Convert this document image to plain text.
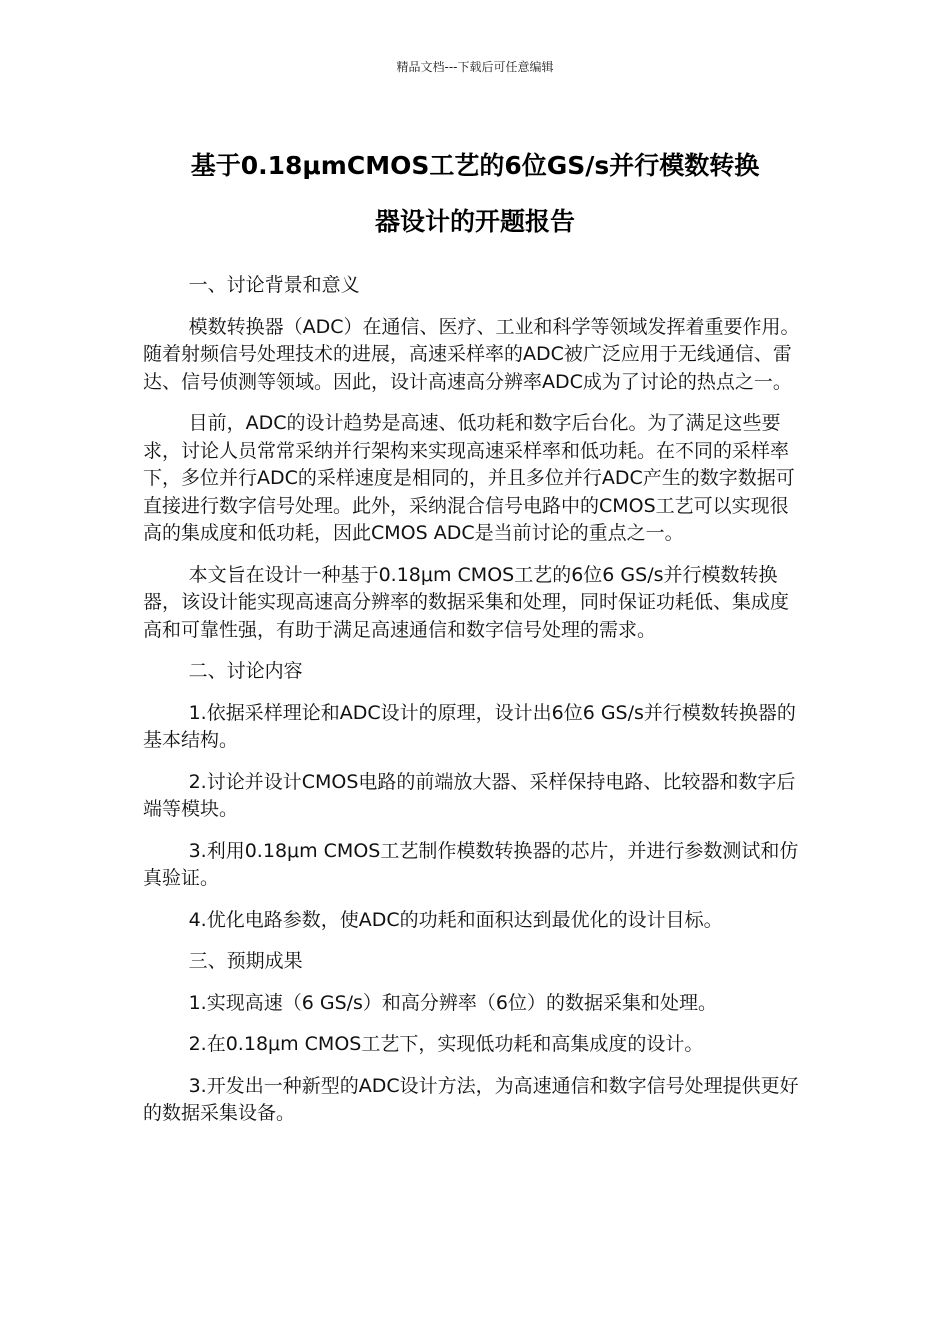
精品文档---下载后可任意编辑
基于0.18μmCMOS工艺的6位GS/s并行模数转换
器设计的开题报告

一、讨论背景和意义

模数转换器（ADC）在通信、医疗、工业和科学等领域发挥着重要作用。随着射频信号处理技术的进展，高速采样率的ADC被广泛应用于无线通信、雷达、信号侦测等领域。因此，设计高速高分辨率ADC成为了讨论的热点之一。

目前，ADC的设计趋势是高速、低功耗和数字后台化。为了满足这些要求，讨论人员常常采纳并行架构来实现高速采样率和低功耗。在不同的采样率下，多位并行ADC的采样速度是相同的，并且多位并行ADC产生的数字数据可直接进行数字信号处理。此外，采纳混合信号电路中的CMOS工艺可以实现很高的集成度和低功耗，因此CMOS ADC是当前讨论的重点之一。

本文旨在设计一种基于0.18μm CMOS工艺的6位6 GS/s并行模数转换器，该设计能实现高速高分辨率的数据采集和处理，同时保证功耗低、集成度高和可靠性强，有助于满足高速通信和数字信号处理的需求。

二、讨论内容

1.依据采样理论和ADC设计的原理，设计出6位6 GS/s并行模数转换器的基本结构。

2.讨论并设计CMOS电路的前端放大器、采样保持电路、比较器和数字后端等模块。

3.利用0.18μm CMOS工艺制作模数转换器的芯片，并进行参数测试和仿真验证。

4.优化电路参数，使ADC的功耗和面积达到最优化的设计目标。

三、预期成果

1.实现高速（6 GS/s）和高分辨率（6位）的数据采集和处理。

2.在0.18μm CMOS工艺下，实现低功耗和高集成度的设计。

3.开发出一种新型的ADC设计方法，为高速通信和数字信号处理提供更好的数据采集设备。
